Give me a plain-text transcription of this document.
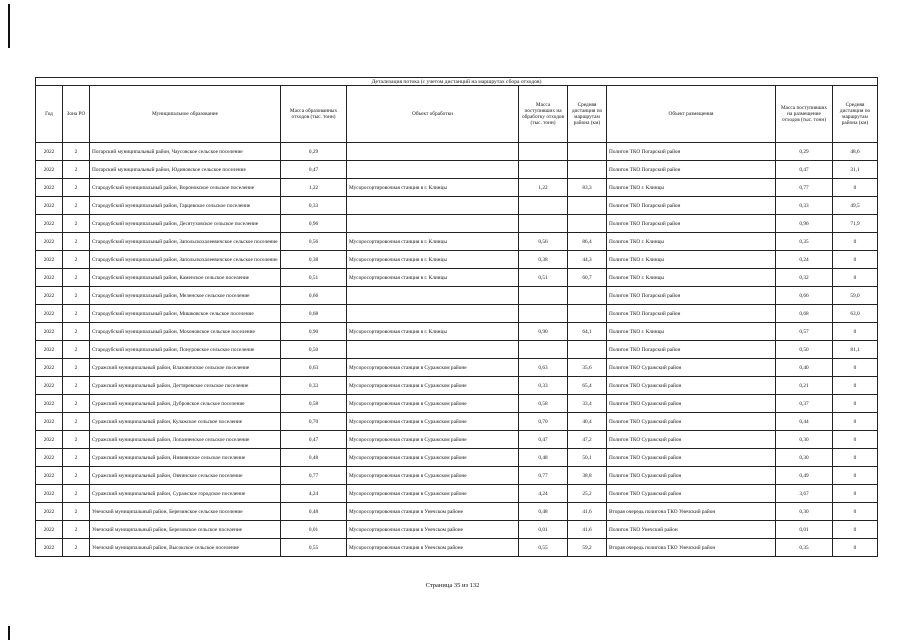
Детализация потока (с учетом дистанций на маршрутах сбора отходов)									
Год	Зона РО	Муниципальное образование	Масса образованных отходов (тыс. тонн)	Объект обработки	Масса поступивших на обработку отходов (тыс. тонн)	Средняя дистанция по маршрутам района (км)	Объект размещения	Масса поступивших на размещение отходов (тыс. тонн)	Средняя дистанция по маршрутам района (км)
2022	2	Погарский муниципальный район, Чаусовское сельское поселение	0,29				Полигон ТКО Погарский район	0,29	48,6
2022	2	Погарский муниципальный район, Юдиновское сельское поселение	0,47				Полигон ТКО Погарский район	0,47	31,1
2022	2	Стародубский муниципальный район, Воронокское сельское поселение	1,22	Мусоросортировочная станция в г. Клинцы	1,22	83,3	Полигон ТКО г. Клинцы	0,77	0
2022	2	Стародубский муниципальный район, Гарцевское сельское поселение	0,33				Полигон ТКО Погарский район	0,33	49,5
2022	2	Стародубский муниципальный район, Десятуховское сельское поселение	0,96				Полигон ТКО Погарский район	0,96	71,9
2022	2	Стародубский муниципальный район, Запольскохалеевичское сельское поселение	0,56	Мусоросортировочная станция в г. Клинцы	0,56	86,4	Полигон ТКО г. Клинцы	0,35	0
2022	2	Стародубский муниципальный район, Запольскохалеевичское сельское поселение	0,38	Мусоросортировочная станция в г. Клинцы	0,38	44,3	Полигон ТКО г. Клинцы	0,24	0
2022	2	Стародубский муниципальный район, Каменское сельское поселение	0,51	Мусоросортировочная станция в г. Клинцы	0,51	60,7	Полигон ТКО г. Клинцы	0,32	0
2022	2	Стародубский муниципальный район, Меленское сельское поселение	0,66				Полигон ТКО Погарский район	0,66	59,0
2022	2	Стародубский муниципальный район, Мишковское сельское поселение	0,68				Полигон ТКО Погарский район	0,68	63,0
2022	2	Стародубский муниципальный район, Мохоновское сельское поселение	0,90	Мусоросортировочная станция в г. Клинцы	0,90	64,1	Полигон ТКО г. Клинцы	0,57	0
2022	2	Стародубский муниципальный район, Понуровское сельское поселение	0,50				Полигон ТКО Погарский район	0,50	81,1
2022	2	Суражский муниципальный район, Влазовичское сельское поселение	0,63	Мусоросортировочная станция в Суражском районе	0,63	35,6	Полигон ТКО Суражский район	0,40	0
2022	2	Суражский муниципальный район, Дегтяревское сельское поселение	0,33	Мусоросортировочная станция в Суражском районе	0,33	65,4	Полигон ТКО Суражский район	0,21	0
2022	2	Суражский муниципальный район, Дубровское сельское поселение	0,58	Мусоросортировочная станция в Суражском районе	0,58	33,4	Полигон ТКО Суражский район	0,37	0
2022	2	Суражский муниципальный район, Кулажское сельское поселение	0,70	Мусоросортировочная станция в Суражском районе	0,70	40,4	Полигон ТКО Суражский район	0,44	0
2022	2	Суражский муниципальный район, Лопазненское сельское поселение	0,47	Мусоросортировочная станция в Суражском районе	0,47	47,2	Полигон ТКО Суражский район	0,30	0
2022	2	Суражский муниципальный район, Нивнянское сельское поселение	0,48	Мусоросортировочная станция в Суражском районе	0,48	50,1	Полигон ТКО Суражский район	0,30	0
2022	2	Суражский муниципальный район, Овчинское сельское поселение	0,77	Мусоросортировочная станция в Суражском районе	0,77	38,8	Полигон ТКО Суражский район	0,49	0
2022	2	Суражский муниципальный район, Суражское городское поселение	4,24	Мусоросортировочная станция в Суражском районе	4,24	25,2	Полигон ТКО Суражский район	3,67	0
2022	2	Унечский муниципальный район, Березинское сельское поселение	0,48	Мусоросортировочная станция в Унечском районе	0,48	41,6	Вторая очередь полигона ТКО Унечский район	0,30	0
2022	2	Унечский муниципальный район, Березовское сельское поселение	0,01	Мусоросортировочная станция в Унечском районе	0,01	41,6	Полигон ТКО Унечский район	0,01	0
2022	2	Унечский муниципальный район, Высокское сельское поселение	0,55	Мусоросортировочная станция в Унечском районе	0,55	59,2	Вторая очередь полигона ТКО Унечский район	0,35	0
Страница 35 из 132
